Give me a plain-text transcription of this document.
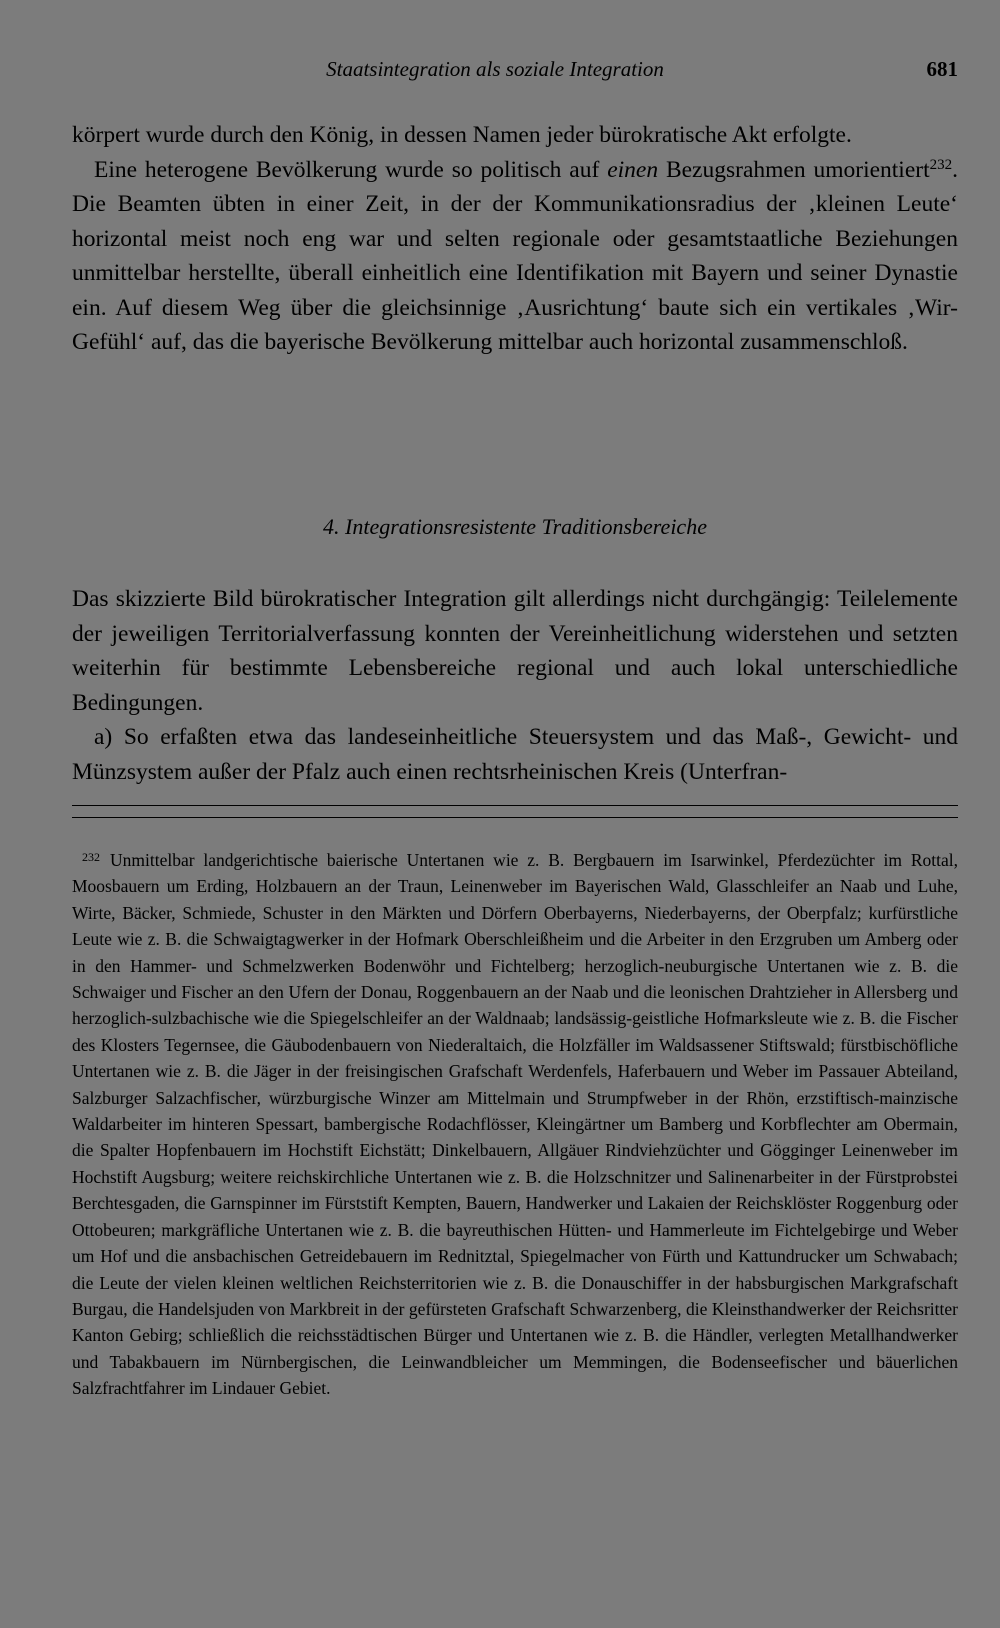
Staatsintegration als soziale Integration	681

körpert wurde durch den König, in dessen Namen jeder bürokratische Akt erfolgte.

Eine heterogene Bevölkerung wurde so politisch auf einen Bezugsrahmen umorientiert$^{232}$. Die Beamten übten in einer Zeit, in der der Kommunikationsradius der ‚kleinen Leute‘ horizontal meist noch eng war und selten regionale oder gesamtstaatliche Beziehungen unmittelbar herstellte, überall einheitlich eine Identifikation mit Bayern und seiner Dynastie ein. Auf diesem Weg über die gleichsinnige ‚Ausrichtung‘ baute sich ein vertikales ‚Wir-Gefühl‘ auf, das die bayerische Bevölkerung mittelbar auch horizontal zusammenschloß.

4. Integrationsresistente Traditionsbereiche

Das skizzierte Bild bürokratischer Integration gilt allerdings nicht durchgängig: Teilelemente der jeweiligen Territorialverfassung konnten der Vereinheitlichung widerstehen und setzten weiterhin für bestimmte Lebensbereiche regional und auch lokal unterschiedliche Bedingungen.

a) So erfaßten etwa das landeseinheitliche Steuersystem und das Maß-, Gewicht- und Münzsystem außer der Pfalz auch einen rechtsrheinischen Kreis (Unterfran-

$^{232}$ Unmittelbar landgerichtische baierische Untertanen wie z. B. Bergbauern im Isarwinkel, Pferdezüchter im Rottal, Moosbauern um Erding, Holzbauern an der Traun, Leinenweber im Bayerischen Wald, Glasschleifer an Naab und Luhe, Wirte, Bäcker, Schmiede, Schuster in den Märkten und Dörfern Oberbayerns, Niederbayerns, der Oberpfalz; kurfürstliche Leute wie z. B. die Schwaigtagwerker in der Hofmark Oberschleißheim und die Arbeiter in den Erzgruben um Amberg oder in den Hammer- und Schmelzwerken Bodenwöhr und Fichtelberg; herzoglich-neuburgische Untertanen wie z. B. die Schwaiger und Fischer an den Ufern der Donau, Roggenbauern an der Naab und die leonischen Drahtzieher in Allersberg und herzoglich-sulzbachische wie die Spiegelschleifer an der Waldnaab; landsässig-geistliche Hofmarksleute wie z. B. die Fischer des Klosters Tegernsee, die Gäubodenbauern von Niederaltaich, die Holzfäller im Waldsassener Stiftswald; fürstbischöfliche Untertanen wie z. B. die Jäger in der freisingischen Grafschaft Werdenfels, Haferbauern und Weber im Passauer Abteiland, Salzburger Salzachfischer, würzburgische Winzer am Mittelmain und Strumpfweber in der Rhön, erzstiftisch-mainzische Waldarbeiter im hinteren Spessart, bambergische Rodachflösser, Kleingärtner um Bamberg und Korbflechter am Obermain, die Spalter Hopfenbauern im Hochstift Eichstätt; Dinkelbauern, Allgäuer Rindviehzüchter und Gögginger Leinenweber im Hochstift Augsburg; weitere reichskirchliche Untertanen wie z. B. die Holzschnitzer und Salinenarbeiter in der Fürstprobstei Berchtesgaden, die Garnspinner im Fürststift Kempten, Bauern, Handwerker und Lakaien der Reichsklöster Roggenburg oder Ottobeuren; markgräfliche Untertanen wie z. B. die bayreuthischen Hütten- und Hammerleute im Fichtelgebirge und Weber um Hof und die ansbachischen Getreidebauern im Rednitztal, Spiegelmacher von Fürth und Kattundrucker um Schwabach; die Leute der vielen kleinen weltlichen Reichsterritorien wie z. B. die Donauschiffer in der habsburgischen Markgrafschaft Burgau, die Handelsjuden von Markbreit in der gefürsteten Grafschaft Schwarzenberg, die Kleinsthandwerker der Reichsritter Kanton Gebirg; schließlich die reichsstädtischen Bürger und Untertanen wie z. B. die Händler, verlegten Metallhandwerker und Tabakbauern im Nürnbergischen, die Leinwandbleicher um Memmingen, die Bodenseefischer und bäuerlichen Salzfrachtfahrer im Lindauer Gebiet.
